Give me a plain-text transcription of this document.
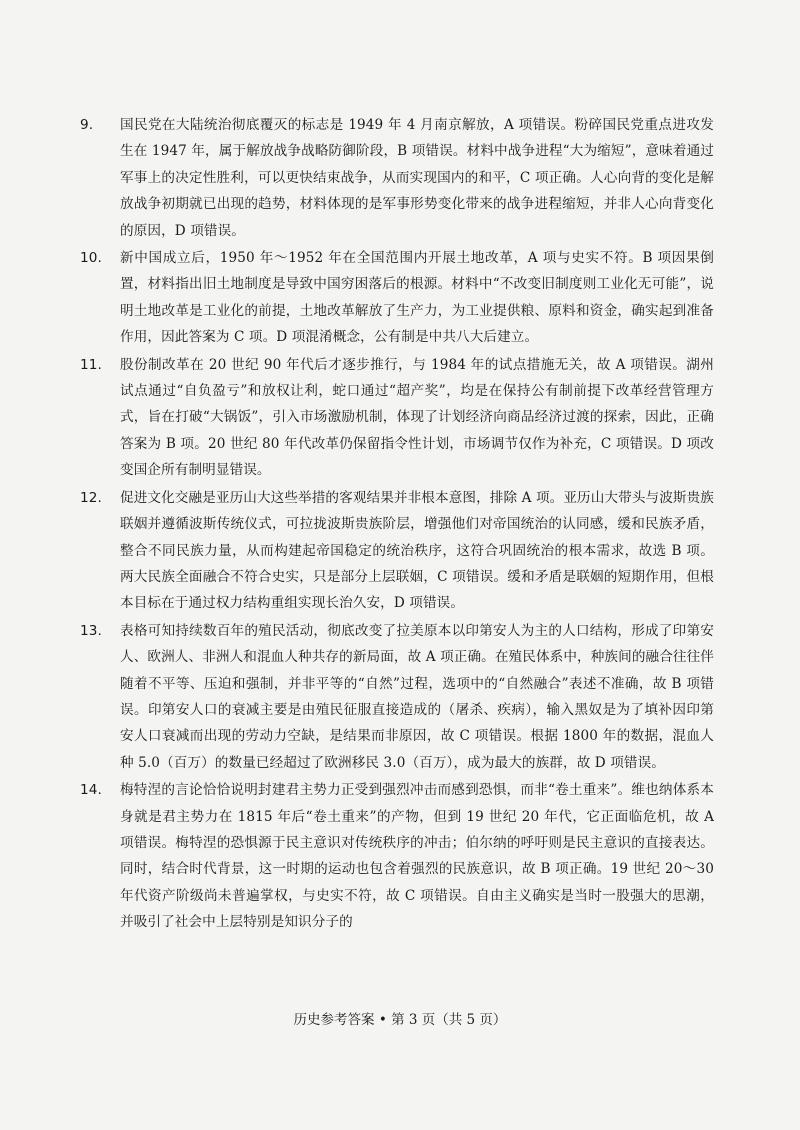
9.	国民党在大陆统治彻底覆灭的标志是 1949 年 4 月南京解放，A 项错误。粉碎国民党重点进攻发生在 1947 年，属于解放战争战略防御阶段，B 项错误。材料中战争进程“大为缩短”，意味着通过军事上的决定性胜利，可以更快结束战争，从而实现国内的和平，C 项正确。人心向背的变化是解放战争初期就已出现的趋势，材料体现的是军事形势变化带来的战争进程缩短，并非人心向背变化的原因，D 项错误。
10.	新中国成立后，1950 年～1952 年在全国范围内开展土地改革，A 项与史实不符。B 项因果倒置，材料指出旧土地制度是导致中国穷困落后的根源。材料中“不改变旧制度则工业化无可能”，说明土地改革是工业化的前提，土地改革解放了生产力，为工业提供粮、原料和资金，确实起到准备作用，因此答案为 C 项。D 项混淆概念，公有制是中共八大后建立。
11.	股份制改革在 20 世纪 90 年代后才逐步推行，与 1984 年的试点措施无关，故 A 项错误。湖州试点通过“自负盈亏”和放权让利，蛇口通过“超产奖”，均是在保持公有制前提下改革经营管理方式，旨在打破“大锅饭”，引入市场激励机制，体现了计划经济向商品经济过渡的探索，因此，正确答案为 B 项。20 世纪 80 年代改革仍保留指令性计划，市场调节仅作为补充，C 项错误。D 项改变国企所有制明显错误。
12.	促进文化交融是亚历山大这些举措的客观结果并非根本意图，排除 A 项。亚历山大带头与波斯贵族联姻并遵循波斯传统仪式，可拉拢波斯贵族阶层，增强他们对帝国统治的认同感，缓和民族矛盾，整合不同民族力量，从而构建起帝国稳定的统治秩序，这符合巩固统治的根本需求，故选 B 项。两大民族全面融合不符合史实，只是部分上层联姻，C 项错误。缓和矛盾是联姻的短期作用，但根本目标在于通过权力结构重组实现长治久安，D 项错误。
13.	表格可知持续数百年的殖民活动，彻底改变了拉美原本以印第安人为主的人口结构，形成了印第安人、欧洲人、非洲人和混血人种共存的新局面，故 A 项正确。在殖民体系中，种族间的融合往往伴随着不平等、压迫和强制，并非平等的“自然”过程，选项中的“自然融合”表述不准确，故 B 项错误。印第安人口的衰减主要是由殖民征服直接造成的（屠杀、疾病），输入黑奴是为了填补因印第安人口衰减而出现的劳动力空缺，是结果而非原因，故 C 项错误。根据 1800 年的数据，混血人种 5.0（百万）的数量已经超过了欧洲移民 3.0（百万），成为最大的族群，故 D 项错误。
14.	梅特涅的言论恰恰说明封建君主势力正受到强烈冲击而感到恐惧，而非“卷土重来”。维也纳体系本身就是君主势力在 1815 年后“卷土重来”的产物，但到 19 世纪 20 年代，它正面临危机，故 A 项错误。梅特涅的恐惧源于民主意识对传统秩序的冲击；伯尔纳的呼吁则是民主意识的直接表达。同时，结合时代背景，这一时期的运动也包含着强烈的民族意识，故 B 项正确。19 世纪 20～30 年代资产阶级尚未普遍掌权，与史实不符，故 C 项错误。自由主义确实是当时一股强大的思潮，并吸引了社会中上层特别是知识分子的
历史参考答案 • 第 3 页（共 5 页）
